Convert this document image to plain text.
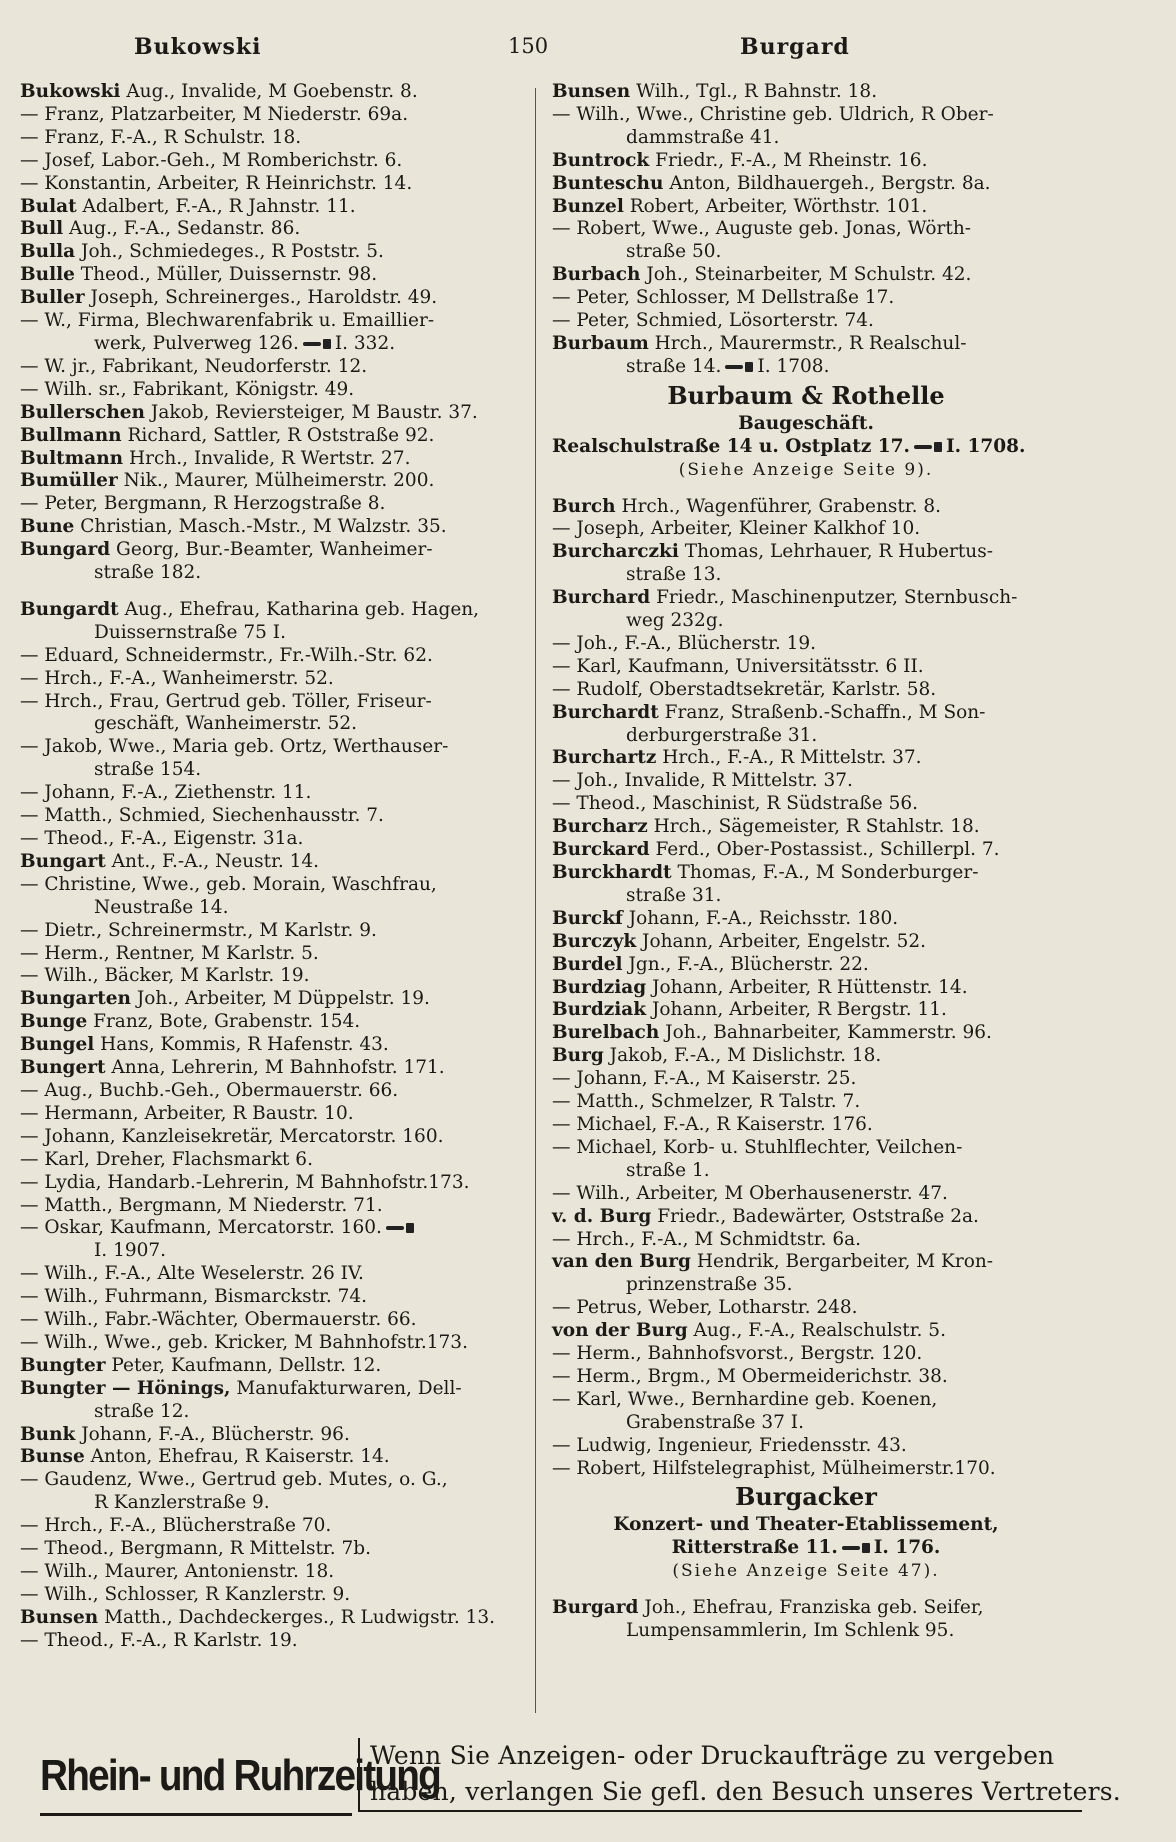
Bukowski	150	Burgard
Bukowski Aug., Invalide, M Goebenstr. 8.
— Franz, Platzarbeiter, M Niederstr. 69a.
— Franz, F.-A., R Schulstr. 18.
— Josef, Labor.-Geh., M Romberichstr. 6.
— Konstantin, Arbeiter, R Heinrichstr. 14.
Bulat Adalbert, F.-A., R Jahnstr. 11.
Bull Aug., F.-A., Sedanstr. 86.
Bulla Joh., Schmiedeges., R Poststr. 5.
Bulle Theod., Müller, Duissernstr. 98.
Buller Joseph, Schreinerges., Haroldstr. 49.
— W., Firma, Blechwarenfabrik u. Emaillier-
werk, Pulverweg 126. I. 332.
— W. jr., Fabrikant, Neudorferstr. 12.
— Wilh. sr., Fabrikant, Königstr. 49.
Bullerschen Jakob, Reviersteiger, M Baustr. 37.
Bullmann Richard, Sattler, R Oststraße 92.
Bultmann Hrch., Invalide, R Wertstr. 27.
Bumüller Nik., Maurer, Mülheimerstr. 200.
— Peter, Bergmann, R Herzogstraße 8.
Bune Christian, Masch.-Mstr., M Walzstr. 35.
Bungard Georg, Bur.-Beamter, Wanheimer-
straße 182.
Bungardt Aug., Ehefrau, Katharina geb. Hagen,
Duissernstraße 75 I.
— Eduard, Schneidermstr., Fr.-Wilh.-Str. 62.
— Hrch., F.-A., Wanheimerstr. 52.
— Hrch., Frau, Gertrud geb. Töller, Friseur-
geschäft, Wanheimerstr. 52.
— Jakob, Wwe., Maria geb. Ortz, Werthauser-
straße 154.
— Johann, F.-A., Ziethenstr. 11.
— Matth., Schmied, Siechenhausstr. 7.
— Theod., F.-A., Eigenstr. 31a.
Bungart Ant., F.-A., Neustr. 14.
— Christine, Wwe., geb. Morain, Waschfrau,
Neustraße 14.
— Dietr., Schreinermstr., M Karlstr. 9.
— Herm., Rentner, M Karlstr. 5.
— Wilh., Bäcker, M Karlstr. 19.
Bungarten Joh., Arbeiter, M Düppelstr. 19.
Bunge Franz, Bote, Grabenstr. 154.
Bungel Hans, Kommis, R Hafenstr. 43.
Bungert Anna, Lehrerin, M Bahnhofstr. 171.
— Aug., Buchb.-Geh., Obermauerstr. 66.
— Hermann, Arbeiter, R Baustr. 10.
— Johann, Kanzleisekretär, Mercatorstr. 160.
— Karl, Dreher, Flachsmarkt 6.
— Lydia, Handarb.-Lehrerin, M Bahnhofstr.173.
— Matth., Bergmann, M Niederstr. 71.
— Oskar, Kaufmann, Mercatorstr. 160.
I. 1907.
— Wilh., F.-A., Alte Weselerstr. 26 IV.
— Wilh., Fuhrmann, Bismarckstr. 74.
— Wilh., Fabr.-Wächter, Obermauerstr. 66.
— Wilh., Wwe., geb. Kricker, M Bahnhofstr.173.
Bungter Peter, Kaufmann, Dellstr. 12.
Bungter — Hönings, Manufakturwaren, Dell-
straße 12.
Bunk Johann, F.-A., Blücherstr. 96.
Bunse Anton, Ehefrau, R Kaiserstr. 14.
— Gaudenz, Wwe., Gertrud geb. Mutes, o. G.,
R Kanzlerstraße 9.
— Hrch., F.-A., Blücherstraße 70.
— Theod., Bergmann, R Mittelstr. 7b.
— Wilh., Maurer, Antonienstr. 18.
— Wilh., Schlosser, R Kanzlerstr. 9.
Bunsen Matth., Dachdeckerges., R Ludwigstr. 13.
— Theod., F.-A., R Karlstr. 19.
Bunsen Wilh., Tgl., R Bahnstr. 18.
— Wilh., Wwe., Christine geb. Uldrich, R Ober-
dammstraße 41.
Buntrock Friedr., F.-A., M Rheinstr. 16.
Bunteschu Anton, Bildhauergeh., Bergstr. 8a.
Bunzel Robert, Arbeiter, Wörthstr. 101.
— Robert, Wwe., Auguste geb. Jonas, Wörth-
straße 50.
Burbach Joh., Steinarbeiter, M Schulstr. 42.
— Peter, Schlosser, M Dellstraße 17.
— Peter, Schmied, Lösorterstr. 74.
Burbaum Hrch., Maurermstr., R Realschul-
straße 14. I. 1708.
Burbaum & Rothelle
Baugeschäft.
Realschulstraße 14 u. Ostplatz 17. I. 1708.
(Siehe Anzeige Seite 9).
Burch Hrch., Wagenführer, Grabenstr. 8.
— Joseph, Arbeiter, Kleiner Kalkhof 10.
Burcharczki Thomas, Lehrhauer, R Hubertus-
straße 13.
Burchard Friedr., Maschinenputzer, Sternbusch-
weg 232g.
— Joh., F.-A., Blücherstr. 19.
— Karl, Kaufmann, Universitätsstr. 6 II.
— Rudolf, Oberstadtsekretär, Karlstr. 58.
Burchardt Franz, Straßenb.-Schaffn., M Son-
derburgerstraße 31.
Burchartz Hrch., F.-A., R Mittelstr. 37.
— Joh., Invalide, R Mittelstr. 37.
— Theod., Maschinist, R Südstraße 56.
Burcharz Hrch., Sägemeister, R Stahlstr. 18.
Burckard Ferd., Ober-Postassist., Schillerpl. 7.
Burckhardt Thomas, F.-A., M Sonderburger-
straße 31.
Burckf Johann, F.-A., Reichsstr. 180.
Burczyk Johann, Arbeiter, Engelstr. 52.
Burdel Jgn., F.-A., Blücherstr. 22.
Burdziag Johann, Arbeiter, R Hüttenstr. 14.
Burdziak Johann, Arbeiter, R Bergstr. 11.
Burelbach Joh., Bahnarbeiter, Kammerstr. 96.
Burg Jakob, F.-A., M Dislichstr. 18.
— Johann, F.-A., M Kaiserstr. 25.
— Matth., Schmelzer, R Talstr. 7.
— Michael, F.-A., R Kaiserstr. 176.
— Michael, Korb- u. Stuhlflechter, Veilchen-
straße 1.
— Wilh., Arbeiter, M Oberhausenerstr. 47.
v. d. Burg Friedr., Badewärter, Oststraße 2a.
— Hrch., F.-A., M Schmidtstr. 6a.
van den Burg Hendrik, Bergarbeiter, M Kron-
prinzenstraße 35.
— Petrus, Weber, Lotharstr. 248.
von der Burg Aug., F.-A., Realschulstr. 5.
— Herm., Bahnhofsvorst., Bergstr. 120.
— Herm., Brgm., M Obermeiderichstr. 38.
— Karl, Wwe., Bernhardine geb. Koenen,
Grabenstraße 37 I.
— Ludwig, Ingenieur, Friedensstr. 43.
— Robert, Hilfstelegraphist, Mülheimerstr.170.
Burgacker
Konzert- und Theater-Etablissement,
Ritterstraße 11. I. 176.
(Siehe Anzeige Seite 47).
Burgard Joh., Ehefrau, Franziska geb. Seifer,
Lumpensammlerin, Im Schlenk 95.
Rhein- und Ruhrzeitung
Wenn Sie Anzeigen- oder Druckaufträge zu vergeben
haben, verlangen Sie gefl. den Besuch unseres Vertreters.
